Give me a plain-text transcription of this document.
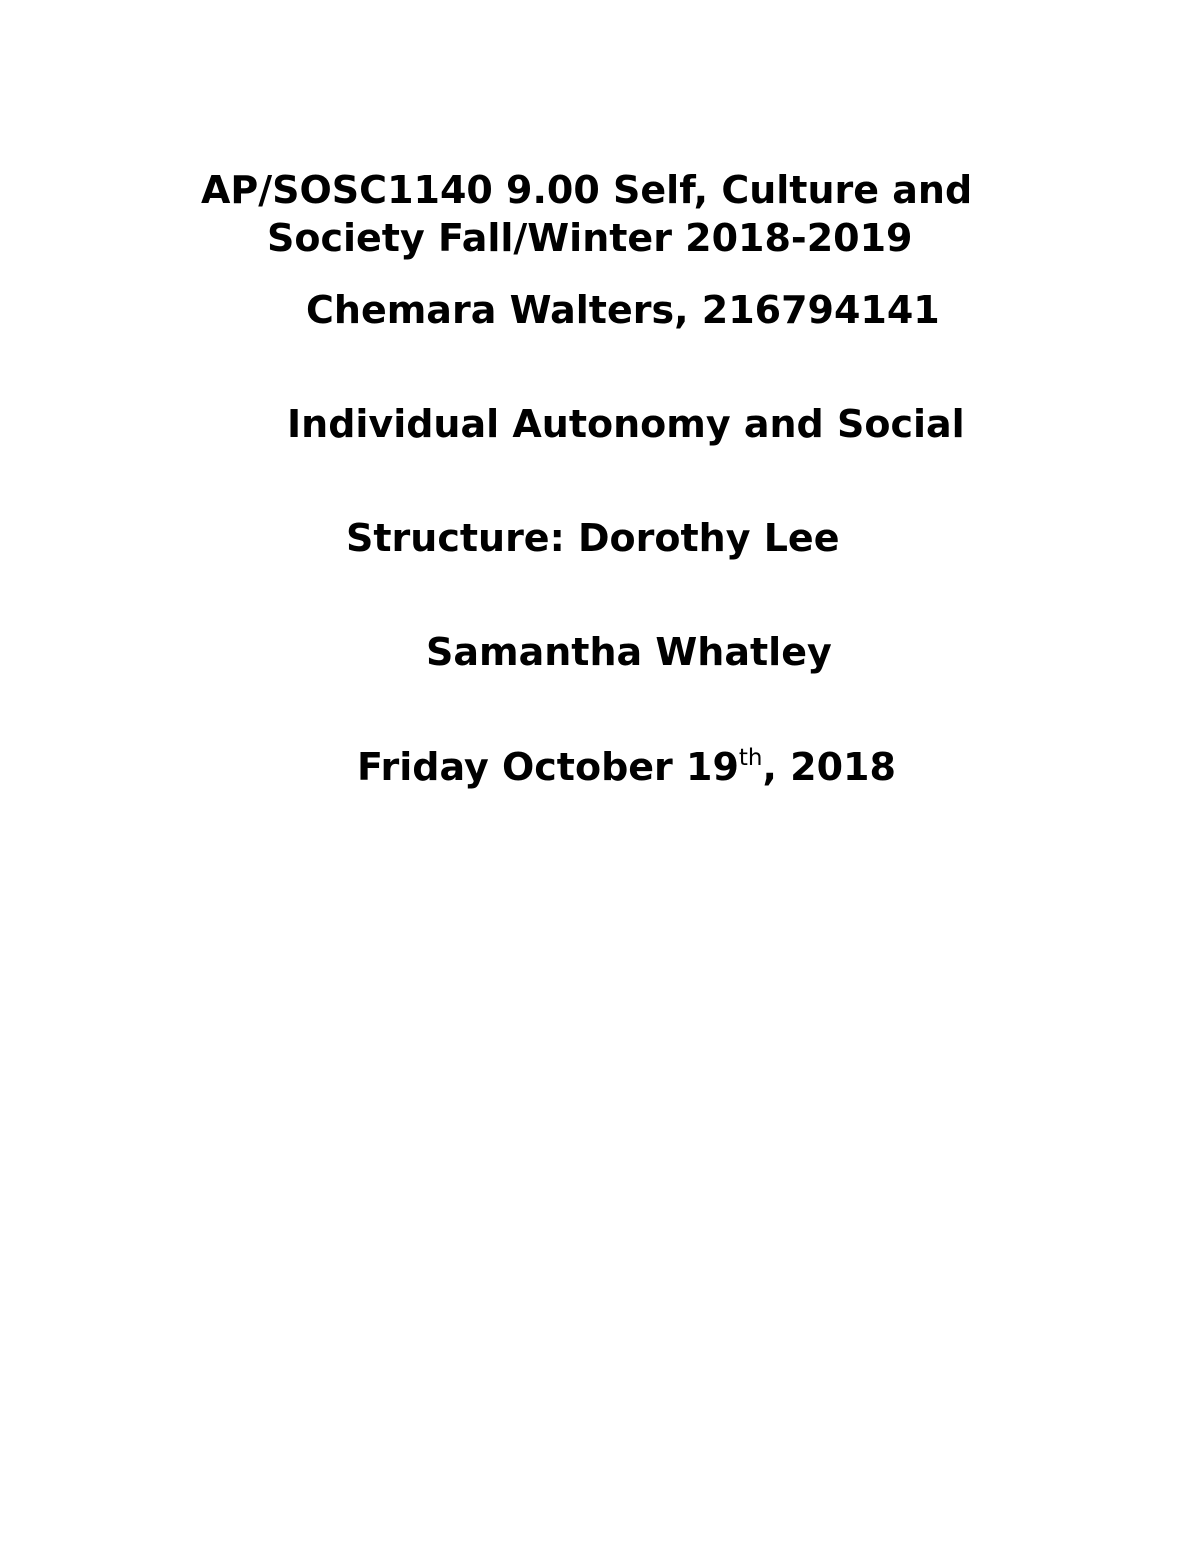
AP/SOSC1140 9.00 Self, Culture and

Society Fall/Winter 2018-2019

Chemara Walters, 216794141

Individual Autonomy and Social

Structure: Dorothy Lee

Samantha Whatley

Friday October 19th, 2018
